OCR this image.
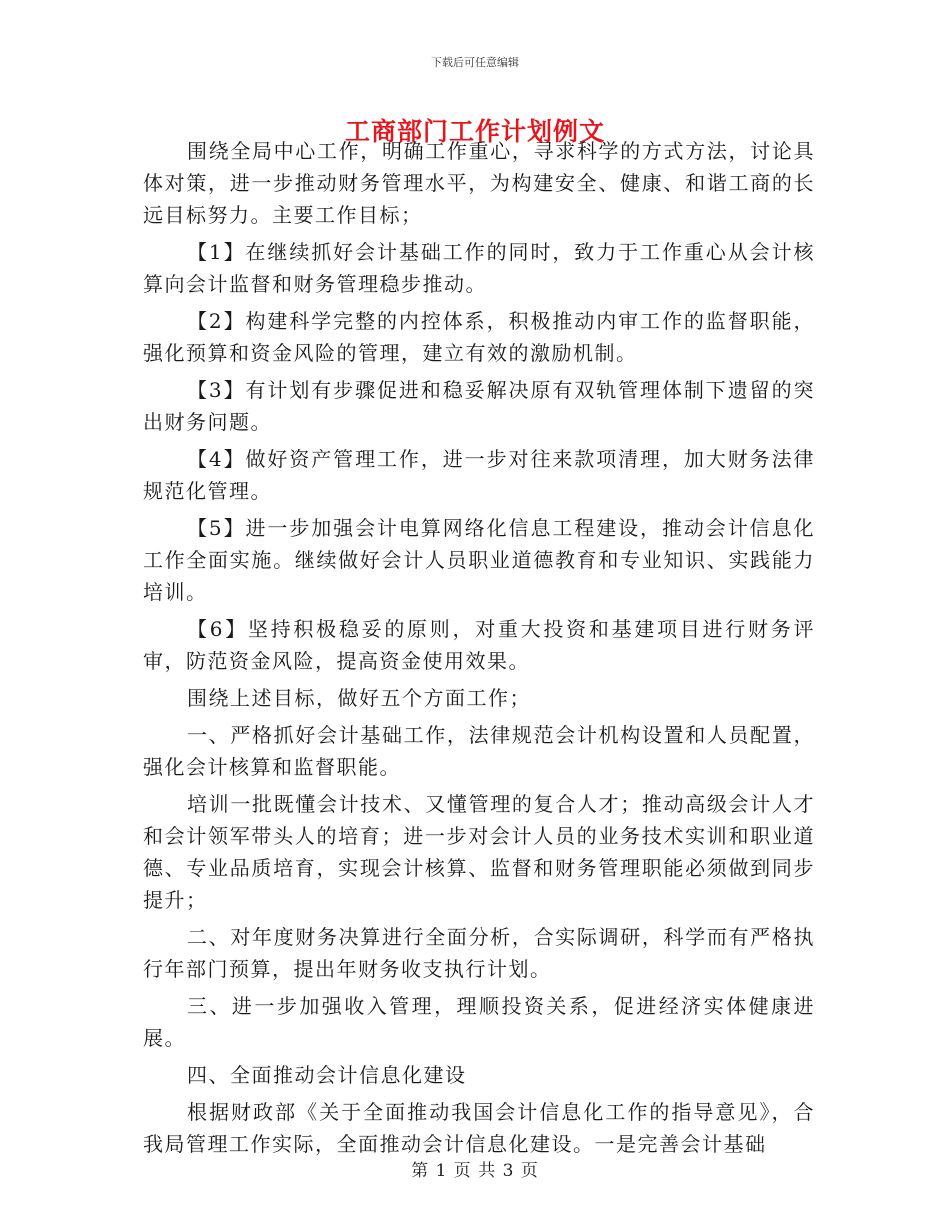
下载后可任意编辑
工商部门工作计划例文

围绕全局中心工作，明确工作重心，寻求科学的方式方法，讨论具体对策，进一步推动财务管理水平，为构建安全、健康、和谐工商的长远目标努力。主要工作目标；

【1】在继续抓好会计基础工作的同时，致力于工作重心从会计核算向会计监督和财务管理稳步推动。

【2】构建科学完整的内控体系，积极推动内审工作的监督职能，强化预算和资金风险的管理，建立有效的激励机制。

【3】有计划有步骤促进和稳妥解决原有双轨管理体制下遗留的突出财务问题。

【4】做好资产管理工作，进一步对往来款项清理，加大财务法律规范化管理。

【5】进一步加强会计电算网络化信息工程建设，推动会计信息化工作全面实施。继续做好会计人员职业道德教育和专业知识、实践能力培训。

【6】坚持积极稳妥的原则，对重大投资和基建项目进行财务评审，防范资金风险，提高资金使用效果。

围绕上述目标，做好五个方面工作；

一、严格抓好会计基础工作，法律规范会计机构设置和人员配置，强化会计核算和监督职能。

培训一批既懂会计技术、又懂管理的复合人才；推动高级会计人才和会计领军带头人的培育；进一步对会计人员的业务技术实训和职业道德、专业品质培育，实现会计核算、监督和财务管理职能必须做到同步提升；

二、对年度财务决算进行全面分析，合实际调研，科学而有严格执行年部门预算，提出年财务收支执行计划。

三、进一步加强收入管理，理顺投资关系，促进经济实体健康进展。

四、全面推动会计信息化建设

根据财政部《关于全面推动我国会计信息化工作的指导意见》，合我局管理工作实际，全面推动会计信息化建设。一是完善会计基础

第 1 页 共 3 页
